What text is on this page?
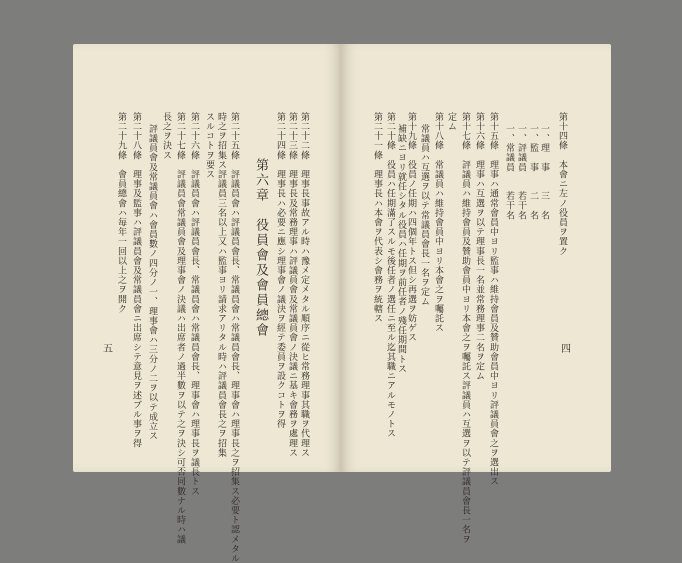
四
五
第十四條　本會ニ左ノ役員ヲ置ク
一、理　事　　三　名
一、監　事　　二　名
一、評議員　　若干名
一、常議員　　若干名
第十五條　理事ハ通常會員中ヨリ監事ハ維持會員及贊助會員中ヨリ評議員會之ヲ選出ス
第十六條　理事ハ互選ヲ以テ理事長一名並常務理事二名ヲ定ム
第十七條　評議員ハ維持會員及贊助會員中ヨリ本會之ヲ囑託ス評議員ハ互選ヲ以テ評議員會長一名ヲ
定ム
第十八條　常議員ハ維持會員中ヨリ本會之ヲ囑託ス
常議員ハ互選ヲ以テ常議員會長一名ヲ定ム
第十九條　役員ノ任期ハ四個年トス但シ再選ヲ妨ゲス
補缺ニヨリ就任シタル役員ハ任期ヲ前任者ノ殘任期間トス
第二十條　役員ハ任期滿了スルモ後任者ノ選任ニ至ル迄其職ニアルモノトス
第二十一條　理事長ハ本會ヲ代表シ會務ヲ統轄ス
第二十二條　理事長事故アル時ハ豫メ定メタル順序ニ從ヒ常務理事其職ヲ代理ス
第二十三條　理事長及常務理事ハ評議員會及常議員會ノ決議ニ基キ會務ヲ處理ス
第二十四條　理事長ハ必要ニ應シ理事會ノ議決ヲ經テ委員ヲ設クコトヲ得
第六章　役員會及會員總會
第二十五條　評議員會ハ評議員會長、常議員會ハ常議員會長、理事會ハ理事長之ヲ招集ス必要ト認メタル
時之ヲ招集ス評議員三名以上又ハ監事ヨリ請求アリタル時ハ評議員會長之ヲ招集
スルコトヲ要ス
第二十六條　評議員會ハ評議員會長、常議員會ハ常議員會長、理事會ハ理事長ヲ議長トス
第二十七條　評議員會常議員會及理事會ノ決議ハ出席者ノ過半數ヲ以テ之ヲ決シ可否同數ナル時ハ議
長之ヲ決ス
評議員會及常議員會ハ會員數ノ四分ノ一、理事會ハ三分ノ二ヲ以テ成立ス
第二十八條　理事及監事ハ評議員會及常議員會ニ出席シテ意見ヲ述ブル事ヲ得
第二十九條　會員總會ハ毎年一回以上之ヲ開ク
